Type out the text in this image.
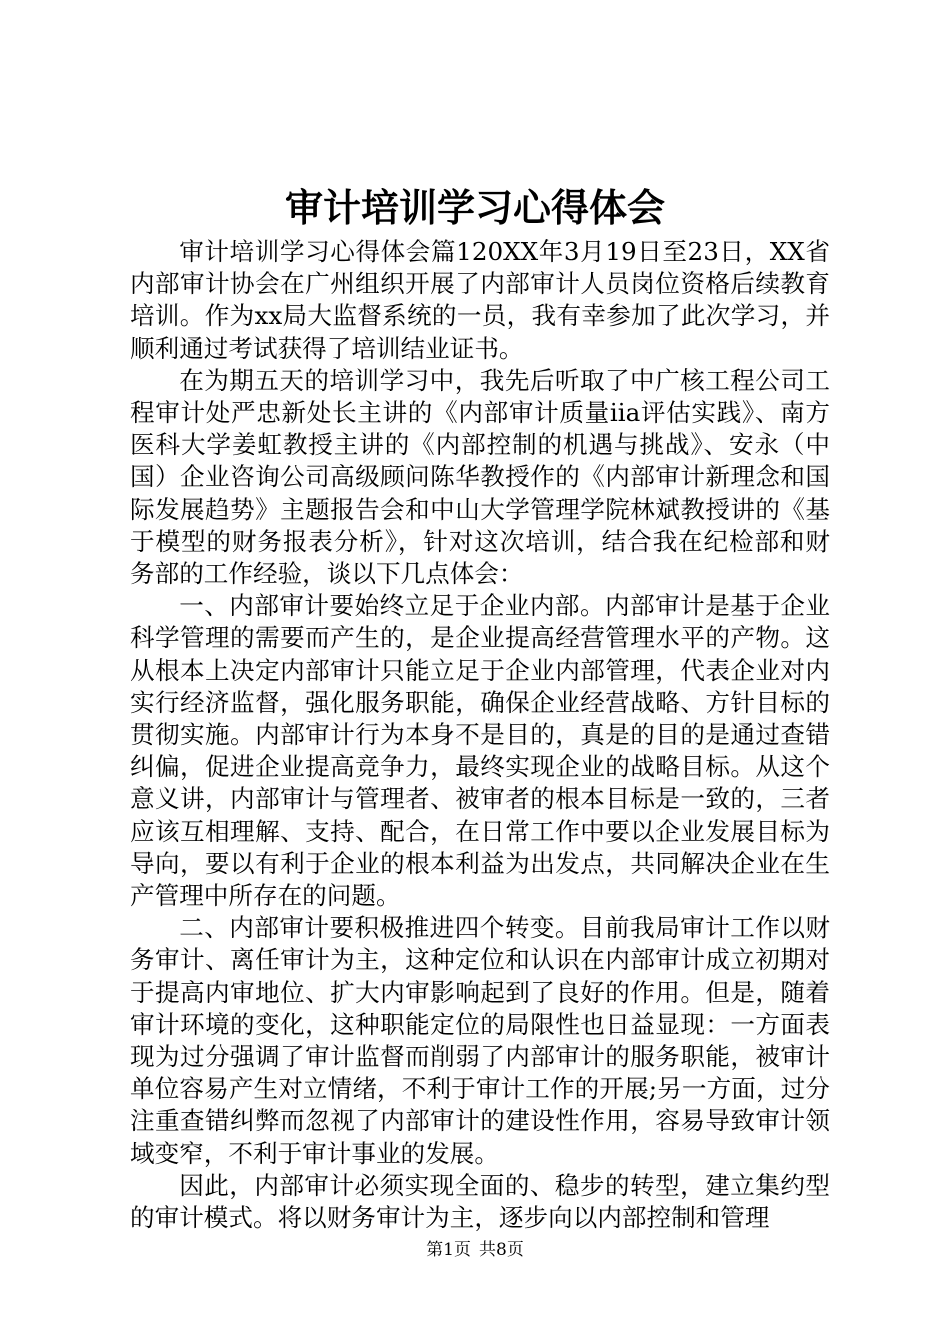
审计培训学习心得体会

审计培训学习心得体会篇120XX年3月19日至23日，XX省内部审计协会在广州组织开展了内部审计人员岗位资格后续教育培训。作为xx局大监督系统的一员，我有幸参加了此次学习，并顺利通过考试获得了培训结业证书。

在为期五天的培训学习中，我先后听取了中广核工程公司工程审计处严忠新处长主讲的《内部审计质量iia评估实践》、南方医科大学姜虹教授主讲的《内部控制的机遇与挑战》、安永（中国）企业咨询公司高级顾问陈华教授作的《内部审计新理念和国际发展趋势》主题报告会和中山大学管理学院林斌教授讲的《基于模型的财务报表分析》，针对这次培训，结合我在纪检部和财务部的工作经验，谈以下几点体会：

一、内部审计要始终立足于企业内部。内部审计是基于企业科学管理的需要而产生的，是企业提高经营管理水平的产物。这从根本上决定内部审计只能立足于企业内部管理，代表企业对内实行经济监督，强化服务职能，确保企业经营战略、方针目标的贯彻实施。内部审计行为本身不是目的，真是的目的是通过查错纠偏，促进企业提高竞争力，最终实现企业的战略目标。从这个意义讲，内部审计与管理者、被审者的根本目标是一致的，三者应该互相理解、支持、配合，在日常工作中要以企业发展目标为导向，要以有利于企业的根本利益为出发点，共同解决企业在生产管理中所存在的问题。

二、内部审计要积极推进四个转变。目前我局审计工作以财务审计、离任审计为主，这种定位和认识在内部审计成立初期对于提高内审地位、扩大内审影响起到了良好的作用。但是，随着审计环境的变化，这种职能定位的局限性也日益显现：一方面表现为过分强调了审计监督而削弱了内部审计的服务职能，被审计单位容易产生对立情绪，不利于审计工作的开展;另一方面，过分注重查错纠弊而忽视了内部审计的建设性作用，容易导致审计领域变窄，不利于审计事业的发展。

因此，内部审计必须实现全面的、稳步的转型，建立集约型的审计模式。将以财务审计为主，逐步向以内部控制和管理

第1页 共8页
